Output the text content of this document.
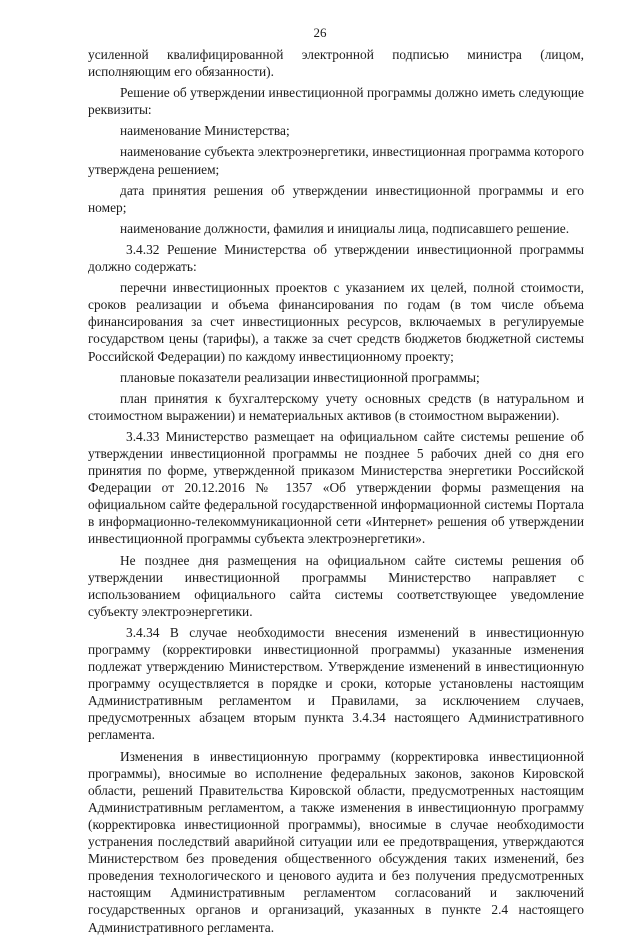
26

усиленной квалифицированной электронной подписью министра (лицом, исполняющим его обязанности).

Решение об утверждении инвестиционной программы должно иметь следующие реквизиты:

наименование Министерства;

наименование субъекта электроэнергетики, инвестиционная программа которого утверждена решением;

дата принятия решения об утверждении инвестиционной программы и его номер;

наименование должности, фамилия и инициалы лица, подписавшего решение.

3.4.32 Решение Министерства об утверждении инвестиционной программы должно содержать:

перечни инвестиционных проектов с указанием их целей, полной стоимости, сроков реализации и объема финансирования по годам (в том числе объема финансирования за счет инвестиционных ресурсов, включаемых в регулируемые государством цены (тарифы), а также за счет средств бюджетов бюджетной системы Российской Федерации) по каждому инвестиционному проекту;

плановые показатели реализации инвестиционной программы;

план принятия к бухгалтерскому учету основных средств (в натуральном и стоимостном выражении) и нематериальных активов (в стоимостном выражении).

3.4.33 Министерство размещает на официальном сайте системы решение об утверждении инвестиционной программы не позднее 5 рабочих дней со дня его принятия по форме, утвержденной приказом Министерства энергетики Российской Федерации от 20.12.2016 № 1357 «Об утверждении формы размещения на официальном сайте федеральной государственной информационной системы Портала в информационно-телекоммуникационной сети «Интернет» решения об утверждении инвестиционной программы субъекта электроэнергетики».

Не позднее дня размещения на официальном сайте системы решения об утверждении инвестиционной программы Министерство направляет с использованием официального сайта системы соответствующее уведомление субъекту электроэнергетики.

3.4.34 В случае необходимости внесения изменений в инвестиционную программу (корректировки инвестиционной программы) указанные изменения подлежат утверждению Министерством. Утверждение изменений в инвестиционную программу осуществляется в порядке и сроки, которые установлены настоящим Административным регламентом и Правилами, за исключением случаев, предусмотренных абзацем вторым пункта 3.4.34 настоящего Административного регламента.

Изменения в инвестиционную программу (корректировка инвестиционной программы), вносимые во исполнение федеральных законов, законов Кировской области, решений Правительства Кировской области, предусмотренных настоящим Административным регламентом, а также изменения в инвестиционную программу (корректировка инвестиционной программы), вносимые в случае необходимости устранения последствий аварийной ситуации или ее предотвращения, утверждаются Министерством без проведения общественного обсуждения таких изменений, без проведения технологического и ценового аудита и без получения предусмотренных настоящим Административным регламентом согласований и заключений государственных органов и организаций, указанных в пункте 2.4 настоящего Административного регламента.
